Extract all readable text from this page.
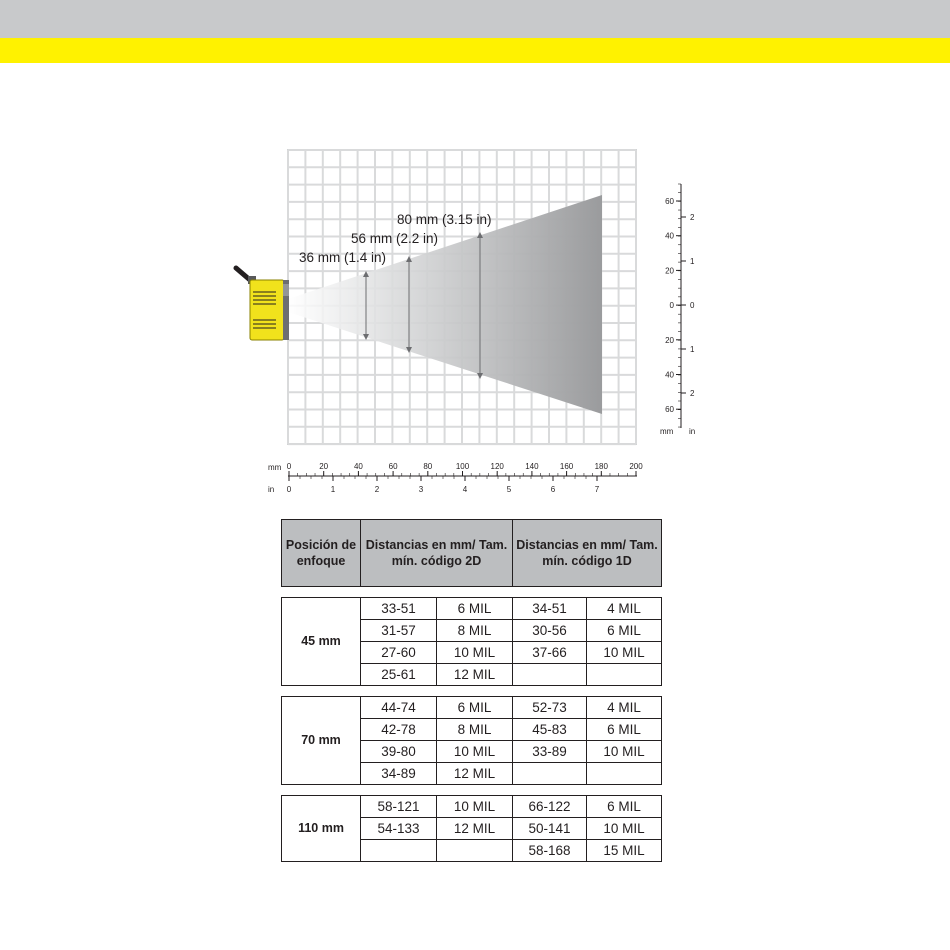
80 mm (3.15 in)
56 mm (2.2 in)
36 mm (1.4 in)
mm
in
0	20	40	60	80	100	120	140	160	180	200
0	1	2	3	4	5	6	7
mm in
60
40
20
0
20
40
60
2
1
0
1
2
Posición de enfoque	Distancias en mm/ Tam. mín. código 2D		Distancias en mm/ Tam. mín. código 1D	

45 mm	33-51	6 MIL	34-51	4 MIL
	31-57	8 MIL	30-56	6 MIL
	27-60	10 MIL	37-66	10 MIL
	25-61	12 MIL		

70 mm	44-74	6 MIL	52-73	4 MIL
	42-78	8 MIL	45-83	6 MIL
	39-80	10 MIL	33-89	10 MIL
	34-89	12 MIL		

110 mm	58-121	10 MIL	66-122	6 MIL
	54-133	12 MIL	50-141	10 MIL
			58-168	15 MIL
